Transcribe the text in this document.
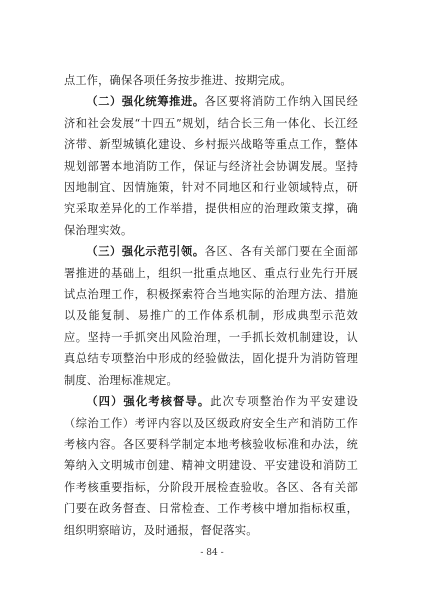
点工作，确保各项任务按步推进、按期完成。

（二）强化统筹推进。各区要将消防工作纳入国民经济和社会发展“十四五”规划，结合长三角一体化、长江经济带、新型城镇化建设、乡村振兴战略等重点工作，整体规划部署本地消防工作，保证与经济社会协调发展。坚持因地制宜、因情施策，针对不同地区和行业领域特点，研究采取差异化的工作举措，提供相应的治理政策支撑，确保治理实效。

（三）强化示范引领。各区、各有关部门要在全面部署推进的基础上，组织一批重点地区、重点行业先行开展试点治理工作，积极探索符合当地实际的治理方法、措施以及能复制、易推广的工作体系机制，形成典型示范效应。坚持一手抓突出风险治理，一手抓长效机制建设，认真总结专项整治中形成的经验做法，固化提升为消防管理制度、治理标准规定。

（四）强化考核督导。此次专项整治作为平安建设（综治工作）考评内容以及区级政府安全生产和消防工作考核内容。各区要科学制定本地考核验收标准和办法，统筹纳入文明城市创建、精神文明建设、平安建设和消防工作考核重要指标，分阶段开展检查验收。各区、各有关部门要在政务督查、日常检查、工作考核中增加指标权重，组织明察暗访，及时通报，督促落实。

- 84 -
